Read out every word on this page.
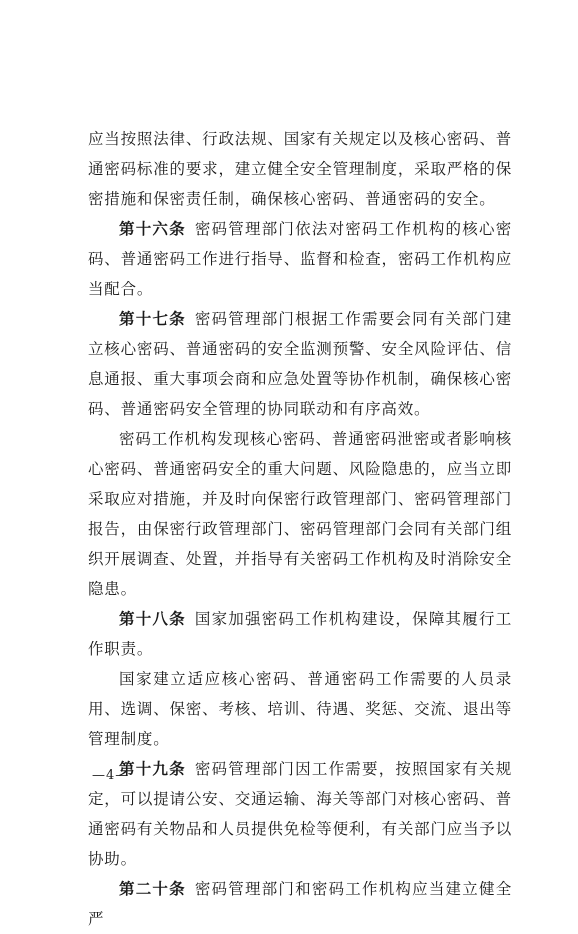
应当按照法律、行政法规、国家有关规定以及核心密码、普通密码标准的要求，建立健全安全管理制度，采取严格的保密措施和保密责任制，确保核心密码、普通密码的安全。

第十六条 密码管理部门依法对密码工作机构的核心密码、普通密码工作进行指导、监督和检查，密码工作机构应当配合。

第十七条 密码管理部门根据工作需要会同有关部门建立核心密码、普通密码的安全监测预警、安全风险评估、信息通报、重大事项会商和应急处置等协作机制，确保核心密码、普通密码安全管理的协同联动和有序高效。

密码工作机构发现核心密码、普通密码泄密或者影响核心密码、普通密码安全的重大问题、风险隐患的，应当立即采取应对措施，并及时向保密行政管理部门、密码管理部门报告，由保密行政管理部门、密码管理部门会同有关部门组织开展调查、处置，并指导有关密码工作机构及时消除安全隐患。

第十八条 国家加强密码工作机构建设，保障其履行工作职责。

国家建立适应核心密码、普通密码工作需要的人员录用、选调、保密、考核、培训、待遇、奖惩、交流、退出等管理制度。

第十九条 密码管理部门因工作需要，按照国家有关规定，可以提请公安、交通运输、海关等部门对核心密码、普通密码有关物品和人员提供免检等便利，有关部门应当予以协助。

第二十条 密码管理部门和密码工作机构应当建立健全严

—4—
